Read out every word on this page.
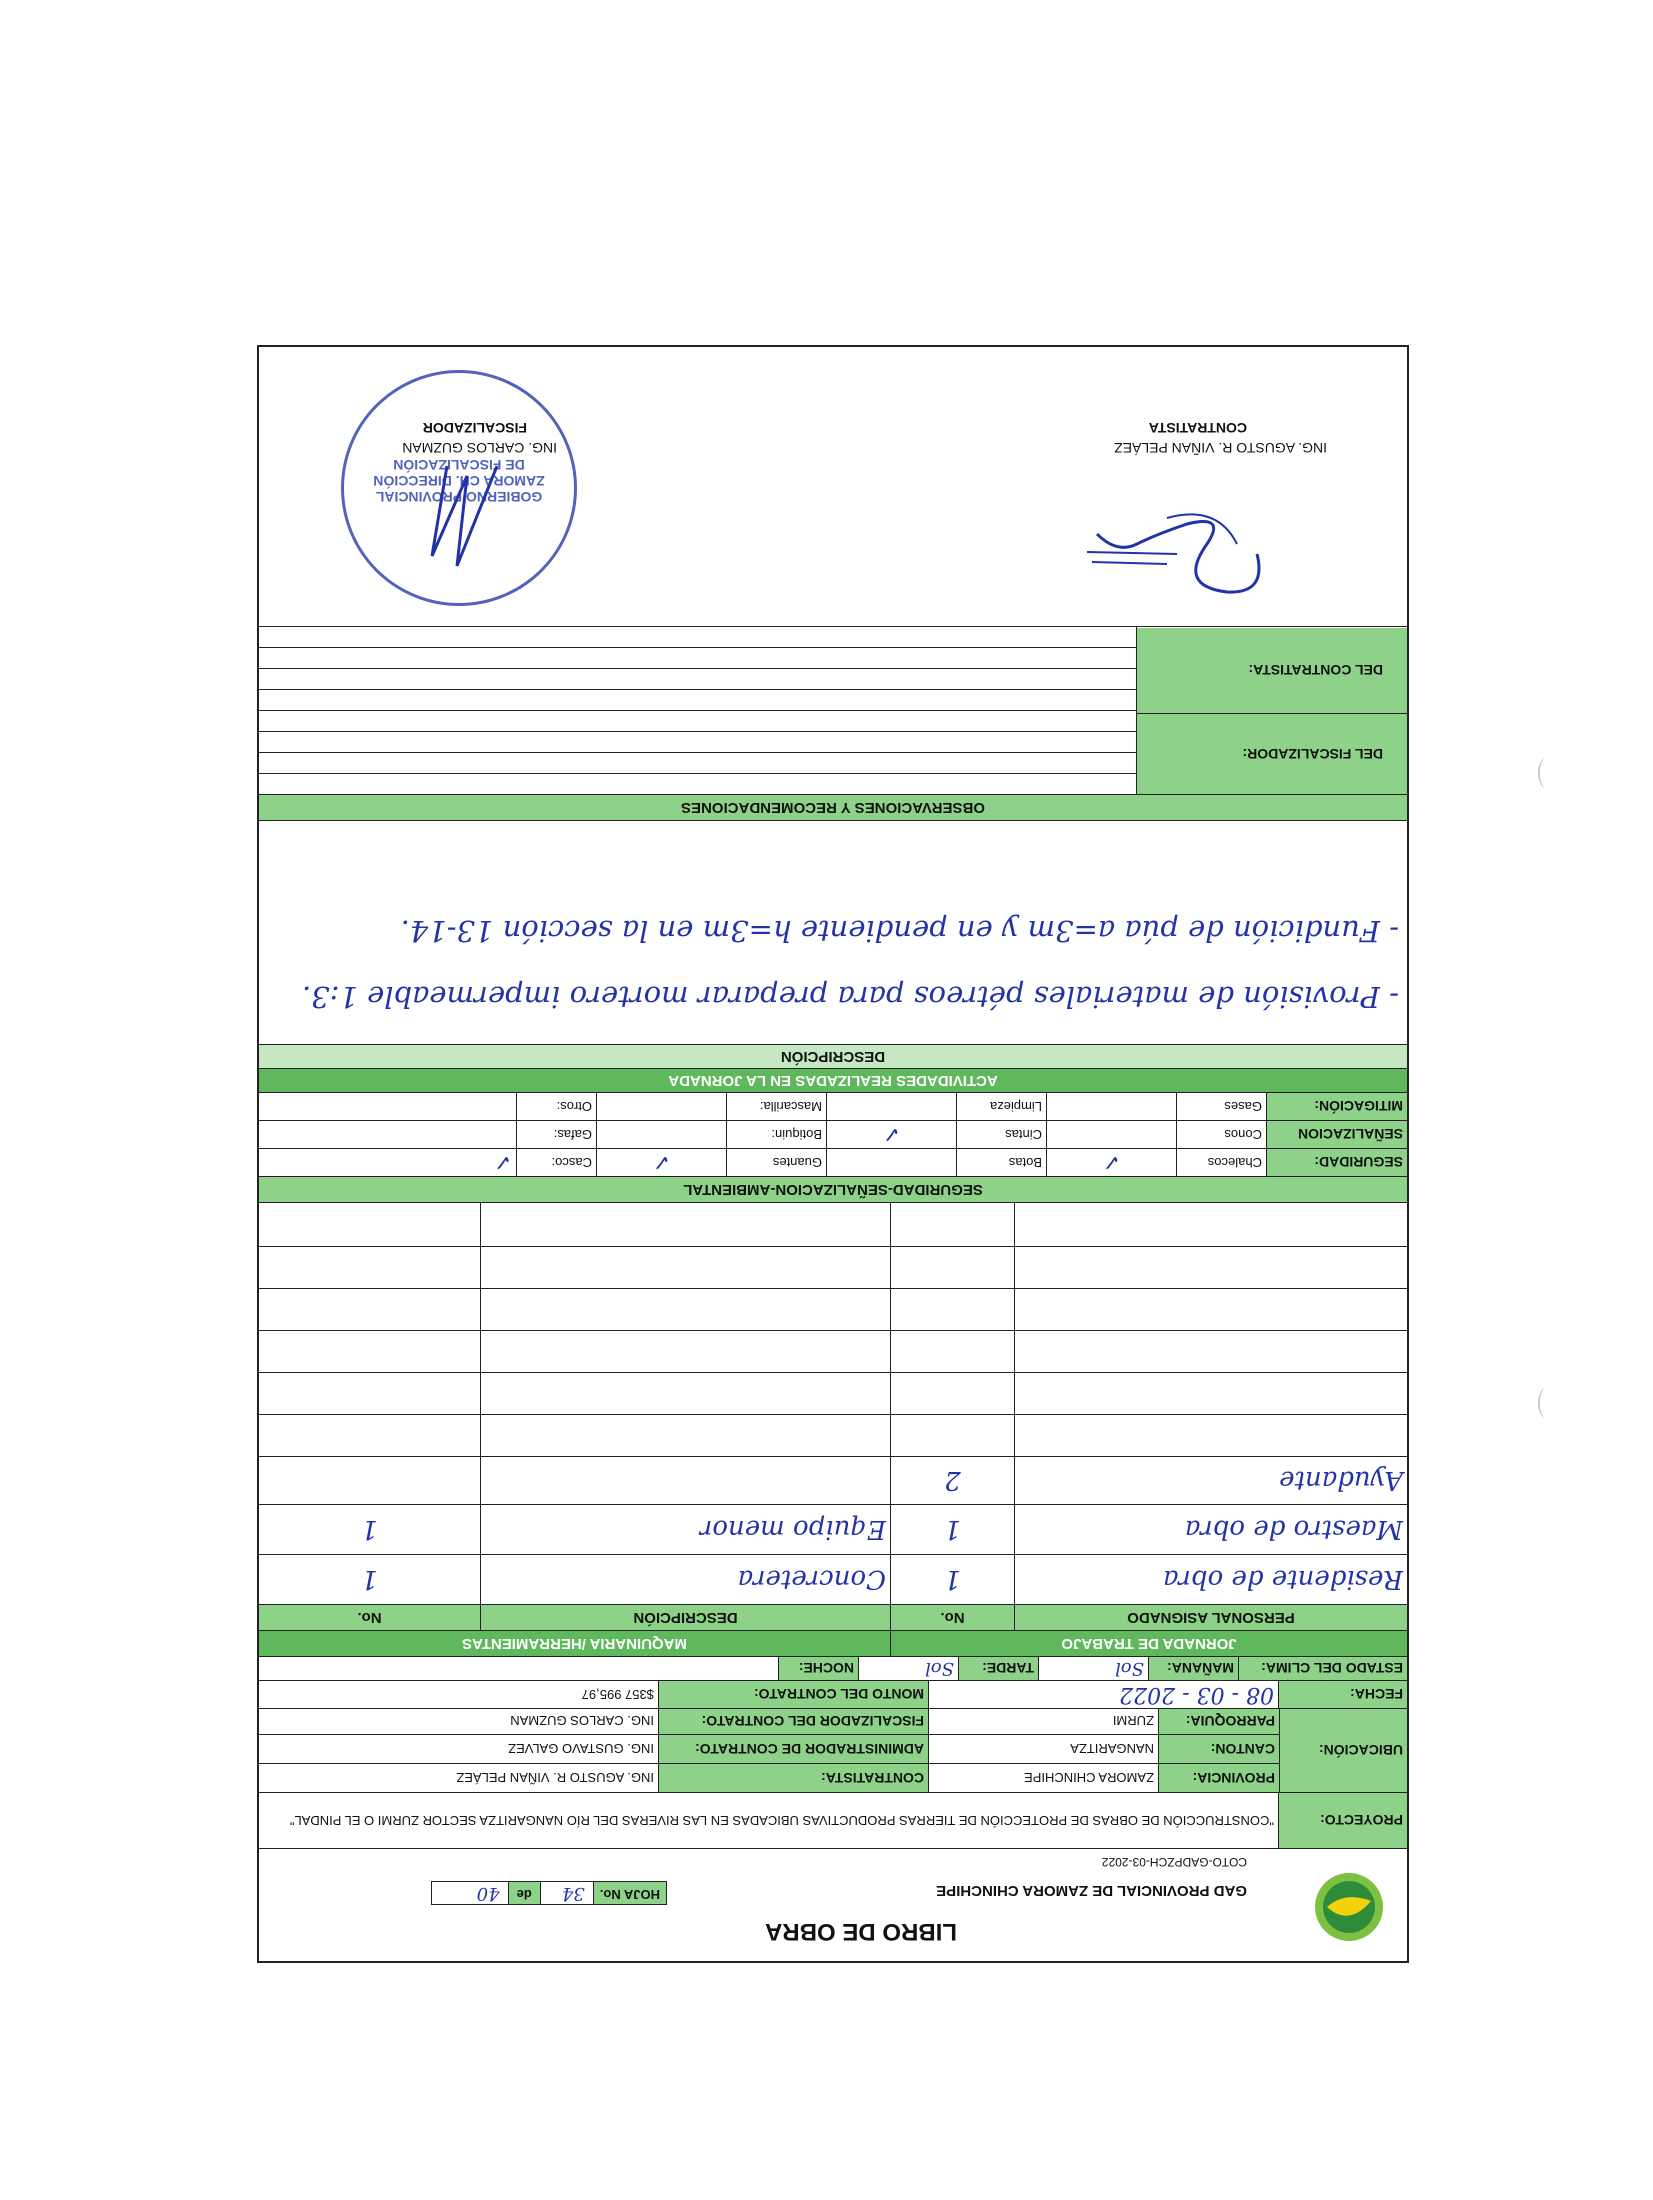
LIBRO DE OBRA
GAD PROVINCIAL DE ZAMORA CHINCHIPE
HOJA No.
34
de
40
COTO-GADPZCH-03-2022
PROYECTO:
"CONSTRUCCIÓN DE OBRAS DE PROTECCIÓN DE TIERRAS PRODUCTIVAS UBICADAS EN LAS RIVERAS DEL RÍO NANGARITZA SECTOR ZURMI O EL PINDAL"
UBICACIÓN:
PROVINCIA:
ZAMORA CHINCHIPE
CONTRATISTA:
ING. AGUSTO R. VIÑAN PELÁEZ
CANTON:
NANGARITZA
ADMINISTRADOR DE CONTRATO:
ING. GUSTAVO GALVEZ
PARROQUIA:
ZURMI
FISCALIZADOR DEL CONTRATO:
ING. CARLOS GUZMAN
FECHA:
08 - 03 - 2022
MONTO DEL CONTRATO:
$357 995,97
ESTADO DEL CLIMA:
MAÑANA:
Sol
TARDE:
Sol
NOCHE:
JORNADA DE TRABAJO
MAQUINARIA /HERRAMIENTAS
PERSONAL ASIGNADO
No.
DESCRIPCIÓN
No.
Residente de obra
1
Concretera
1
Maestro de obra
1
Equipo menor
1
Ayudante
2
SEGURIDAD-SEÑALIZACION-AMBIENTAL
SEGURIDAD:
Chalecos
✓
Botas
Guantes
✓
Casco:
✓
SEÑALIZACION
Conos
Cintas
✓
Botiquin:
Gafas:
MITIGACIÓN:
Gases
Limpieza
Mascarilla:
Otros:
ACTIVIDADES REALIZADAS EN LA JORNADA
DESCRIPCIÓN
- Provisión de materiales pétreos para preparar mortero impermeable 1:3.
- Fundición de púa a=3m y en pendiente h=3m en la sección 13-14.
OBSERVACIONES Y RECOMENDACIONES
DEL FISCALIZADOR:
DEL CONTRATISTA:
ING. AGUSTO R. VIÑAN PELÁEZ
CONTRATISTA
GOBIERNO PROVINCIAL ZAMORA CH. DIRECCIÓN DE FISCALIZACIÓN
ING. CARLOS GUZMAN
FISCALIZADOR
